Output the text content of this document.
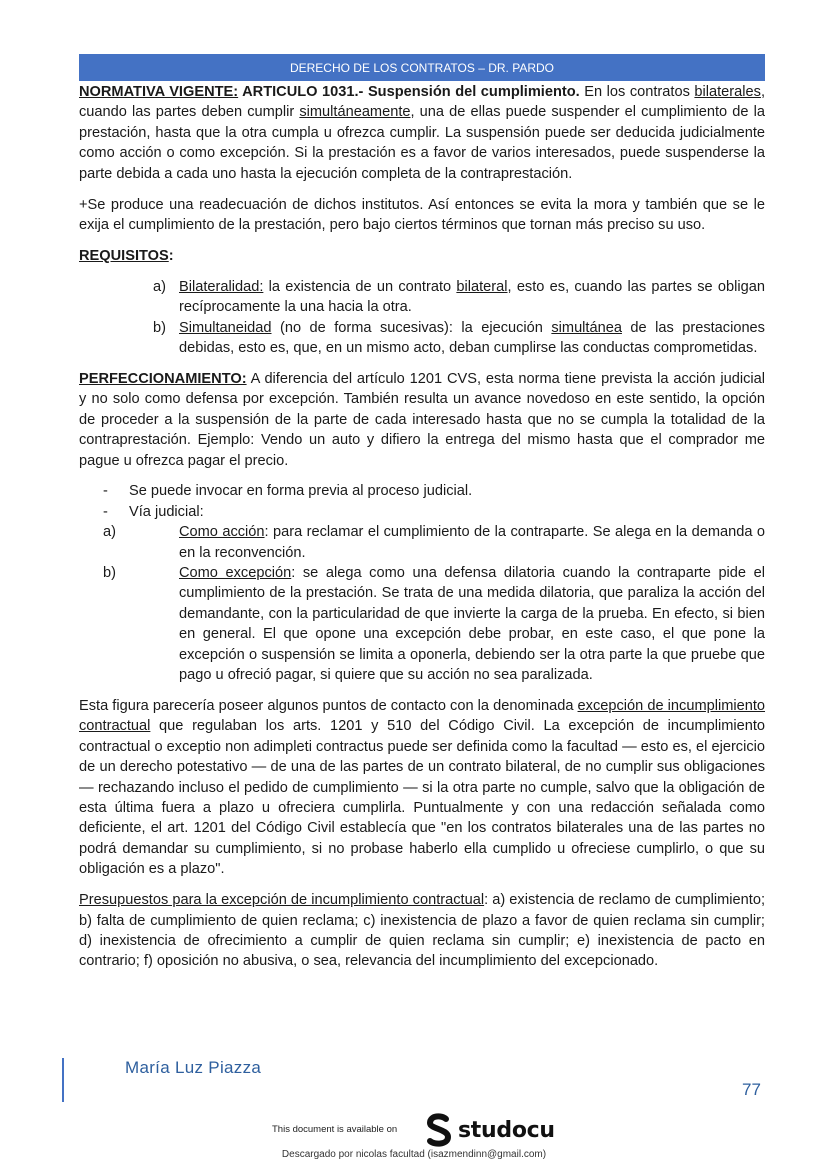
DERECHO DE LOS CONTRATOS – DR. PARDO

NORMATIVA VIGENTE: ARTICULO 1031.- Suspensión del cumplimiento. En los contratos bilaterales, cuando las partes deben cumplir simultáneamente, una de ellas puede suspender el cumplimiento de la prestación, hasta que la otra cumpla u ofrezca cumplir. La suspensión puede ser deducida judicialmente como acción o como excepción. Si la prestación es a favor de varios interesados, puede suspenderse la parte debida a cada uno hasta la ejecución completa de la contraprestación.

+Se produce una readecuación de dichos institutos. Así entonces se evita la mora y también que se le exija el cumplimiento de la prestación, pero bajo ciertos términos que tornan más preciso su uso.

REQUISITOS:

a) Bilateralidad: la existencia de un contrato bilateral, esto es, cuando las partes se obligan recíprocamente la una hacia la otra.
b) Simultaneidad (no de forma sucesivas): la ejecución simultánea de las prestaciones debidas, esto es, que, en un mismo acto, deban cumplirse las conductas comprometidas.

PERFECCIONAMIENTO: A diferencia del artículo 1201 CVS, esta norma tiene prevista la acción judicial y no solo como defensa por excepción. También resulta un avance novedoso en este sentido, la opción de proceder a la suspensión de la parte de cada interesado hasta que no se cumpla la totalidad de la contraprestación. Ejemplo: Vendo un auto y difiero la entrega del mismo hasta que el comprador me pague u ofrezca pagar el precio.

- Se puede invocar en forma previa al proceso judicial.
- Vía judicial:
a)	Como acción: para reclamar el cumplimiento de la contraparte. Se alega en la demanda o en la reconvención.
b)	Como excepción: se alega como una defensa dilatoria cuando la contraparte pide el cumplimiento de la prestación. Se trata de una medida dilatoria, que paraliza la acción del demandante, con la particularidad de que invierte la carga de la prueba. En efecto, si bien en general. El que opone una excepción debe probar, en este caso, el que pone la excepción o suspensión se limita a oponerla, debiendo ser la otra parte la que pruebe que pago u ofreció pagar, si quiere que su acción no sea paralizada.

Esta figura parecería poseer algunos puntos de contacto con la denominada excepción de incumplimiento contractual que regulaban los arts. 1201 y 510 del Código Civil. La excepción de incumplimiento contractual o exceptio non adimpleti contractus puede ser definida como la facultad — esto es, el ejercicio de un derecho potestativo — de una de las partes de un contrato bilateral, de no cumplir sus obligaciones — rechazando incluso el pedido de cumplimiento — si la otra parte no cumple, salvo que la obligación de esta última fuera a plazo u ofreciera cumplirla. Puntualmente y con una redacción señalada como deficiente, el art. 1201 del Código Civil establecía que "en los contratos bilaterales una de las partes no podrá demandar su cumplimiento, si no probase haberlo ella cumplido u ofreciese cumplirlo, o que su obligación es a plazo".

Presupuestos para la excepción de incumplimiento contractual: a) existencia de reclamo de cumplimiento; b) falta de cumplimiento de quien reclama; c) inexistencia de plazo a favor de quien reclama sin cumplir; d) inexistencia de ofrecimiento a cumplir de quien reclama sin cumplir; e) inexistencia de pacto en contrario; f) oposición no abusiva, o sea, relevancia del incumplimiento del excepcionado.

María Luz Piazza
77
This document is available on	studocu
Descargado por nicolas facultad (isazmendinn@gmail.com)
